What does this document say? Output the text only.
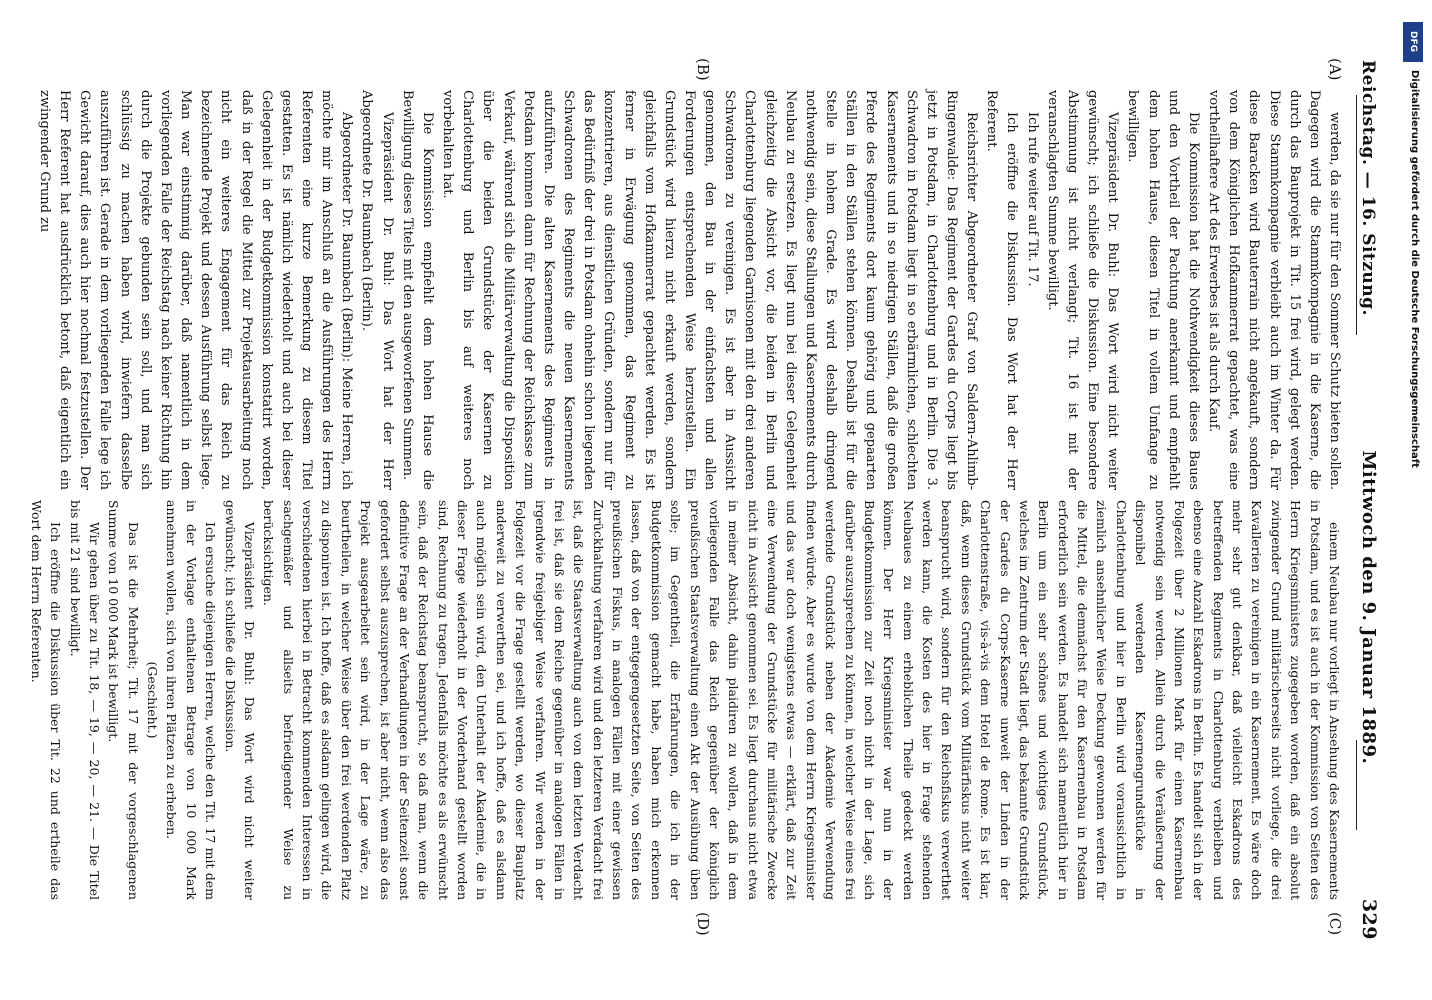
Reichstag. — 16. Sitzung.
Mittwoch den 9. Januar 1889.
329
(A)
(B)
(C)
(D)

werden, da sie nur für den Sommer Schutz bieten sollen. Dagegen wird die Stammkompagnie in die Kaserne, die durch das Bauprojekt in Tit. 15 frei wird, gelegt werden. Diese Stammkompagnie verbleibt auch im Winter da. Für diese Baracken wird Bauterrain nicht angekauft, sondern von dem Königlichen Hofkammerrat gepachtet, was eine vortheilhaftere Art des Erwerbes ist als durch Kauf.

Die Kommission hat die Nothwendigkeit dieses Baues und den Vortheil der Pachtung anerkannt und empfiehlt dem hohen Hause, diesen Titel in vollem Umfange zu bewilligen.

Vizepräsident Dr. Buhl: Das Wort wird nicht weiter gewünscht; ich schließe die Diskussion. Eine besondere Abstimmung ist nicht verlangt; Tit. 16 ist mit der veranschlagten Summe bewilligt.

Ich rufe weiter auf Tit. 17.

Ich eröffne die Diskussion. Das Wort hat der Herr Referent.

Reichsrichter Abgeordneter Graf von Saldern-Ahlimb-Ringenwalde: Das Regiment der Gardes du Corps liegt bis jetzt in Potsdam, in Charlottenburg und in Berlin. Die 3. Schwadron in Potsdam liegt in so erbärmlichen, schlechten Kasernements und in so niedrigen Ställen, daß die großen Pferde des Regiments dort kaum gehörig und gepaarten Ställen in den Ställen stehen können. Deshalb ist für die Stelle in hohem Grade. Es wird deshalb dringend nothwendig sein, diese Stallungen und Kasernements durch Neubau zu ersetzen. Es liegt nun bei dieser Gelegenheit gleichzeitig die Absicht vor, die beiden in Berlin und Charlottenburg liegenden Garnisonen mit den drei anderen Schwadronen zu vereinigen. Es ist aber in Aussicht genommen, den Bau in der einfachsten und allen Forderungen entsprechenden Weise herzustellen. Ein Grundstück wird hierzu nicht erkauft werden, sondern gleichfalls vom Hofkammerrat gepachtet werden. Es ist ferner in Erwägung genommen, das Regiment zu konzentrieren, aus dienstlichen Gründen, sondern nur für das Bedürfniß der drei in Potsdam ohnehin schon liegenden Schwadronen des Regiments die neuen Kasernements aufzuführen. Die alten Kasernements des Regiments in Potsdam kommen dann für Rechnung der Reichskasse zum Verkauf, während sich die Militärverwaltung die Disposition über die beiden Grundstücke der Kasernen zu Charlottenburg und Berlin bis auf weiteres noch vorbehalten hat.

Die Kommission empfiehlt dem hohen Hause die Bewilligung dieses Titels mit den ausgeworfenen Summen.

Vizepräsident Dr. Buhl: Das Wort hat der Herr Abgeordnete Dr. Baumbach (Berlin).

Abgeordneter Dr. Baumbach (Berlin): Meine Herren, ich möchte mir im Anschluß an die Ausführungen des Herrn Referenten eine kurze Bemerkung zu diesem Titel gestatten. Es ist nämlich wiederholt und auch bei dieser Gelegenheit in der Budgetkommission konstatirt worden, daß in der Regel die Mittel zur Projektausarbeitung noch nicht ein weiteres Engagement für das Reich zu bezeichnende Projekt und dessen Ausführung selbst liege. Man war einstimmig darüber, daß namentlich in dem vorliegenden Falle der Reichstag nach keiner Richtung hin durch die Projekte gebunden sein soll, und man sich schlüssig zu machen haben wird, inwiefern dasselbe auszuführen ist. Gerade in dem vorliegenden Falle lege ich Gewicht darauf, dies auch hier nochmal festzustellen. Der Herr Referent hat ausdrücklich betont, daß eigentlich ein zwingender Grund zu

einem Neubau nur vorliegt in Ansehung des Kasernements in Potsdam, und es ist auch in der Kommission von Seiten des Herrn Kriegsministers zugegeben worden, daß ein absolut zwingender Grund militärischerseits nicht vorliege, die drei Kavallerien zu vereinigen in ein Kasernement. Es wäre doch mehr sehr gut denkbar, daß vielleicht Eskadrons des betreffenden Regiments in Charlottenburg verbleiben und ebenso eine Anzahl Eskadrons in Berlin. Es handelt sich in der Folgezeit über 2 Millionen Mark für einen Kasernenbau notwendig sein werden. Allein durch die Veräußerung der disponibel werdenden Kasernengrundstücke in Charlottenburg und hier in Berlin wird voraussichtlich in ziemlich ansehnlicher Weise Deckung gewonnen werden für die Mittel, die demnächst für den Kasernenbau in Potsdam erforderlich sein werden. Es handelt sich namentlich hier in Berlin um ein sehr schönes und wichtiges Grundstück, welches im Zentrum der Stadt liegt, das bekannte Grundstück der Gardes du Corps-Kaserne unweit der Linden in der Charlottenstraße, vis-à-vis dem Hotel de Rome. Es ist klar, daß, wenn dieses Grundstück vom Militärfiskus nicht weiter beansprucht wird, sondern für den Reichsfiskus verwerthet werden kann, die Kosten des hier in Frage stehenden Neubaues zu einem erheblichen Theile gedeckt werden können. Der Herr Kriegsminister war nun in der Budgetkommission zur Zeit noch nicht in der Lage, sich darüber auszusprechen zu können, in welcher Weise eines frei werdende Grundstück neben der Akademie Verwendung finden würde. Aber es wurde von dem Herrn Kriegsminister und das war doch wenigstens etwas — erklärt, daß zur Zeit eine Verwendung der Grundstücke für militärische Zwecke nicht in Aussicht genommen sei. Es liegt durchaus nicht etwa in meiner Absicht, dahin plaidiren zu wollen, daß in dem vorliegenden Falle das Reich gegenüber der königlich preußischen Staatsverwaltung einen Akt der Ausübung üben solle; im Gegentheil, die Erfahrungen, die ich in der Budgetkommission gemacht habe, haben mich erkennen lassen, daß von der entgegengesetzten Seite, von Seiten des preußischen Fiskus, in analogen Fällen mit einer gewissen Zurückhaltung verfahren wird und den letzteren Verdacht frei ist, daß die Staatsverwaltung auch von dem letzten Verdacht frei ist, daß sie dem Reiche gegenüber in analogen Fällen in irgendwie freigebiger Weise verfahren. Wir werden in der Folgezeit vor die Frage gestellt werden, wo dieser Bauplatz anderweit zu verwerthen sei, und ich hoffe, daß es alsdann auch möglich sein wird, den Unterhalt der Akademie, die in dieser Frage wiederholt in der Vorderhand gestellt worden sind, Rechnung zu tragen. Jedenfalls möchte es als erwünscht sein, daß der Reichstag beansprucht, so daß man, wenn die definitive Frage an der Verhandlungen in der Seitenzeit sonst gefordert selbst auszusprechen, ist aber nicht, wenn also das Projekt ausgearbeitet sein wird, in der Lage wäre, zu beurtheilen, in welcher Weise über den frei werdenden Platz zu disponiren ist. Ich hoffe, daß es alsdann gelingen wird, die verschiedenen hierbei in Betracht kommenden Interessen in sachgemäßer und allseits befriedigender Weise zu berücksichtigen.

Vizepräsident Dr. Buhl: Das Wort wird nicht weiter gewünscht; ich schließe die Diskussion.

Ich ersuche diejenigen Herren, welche den Tit. 17 mit dem in der Vorlage enthaltenen Betrage von 10 000 Mark annehmen wollen, sich von ihren Plätzen zu erheben.

(Geschieht.)

Das ist die Mehrheit; Tit. 17 mit der vorgeschlagenen Summe von 10 000 Mark ist bewilligt.

Wir gehen über zu Tit. 18, — 19, — 20, — 21. — Die Titel bis mit 21 sind bewilligt.

Ich eröffne die Diskussion über Tit. 22 und ertheile das Wort dem Herrn Referenten.

DFG
Digitalisierung gefördert durch die Deutsche Forschungsgemeinschaft
